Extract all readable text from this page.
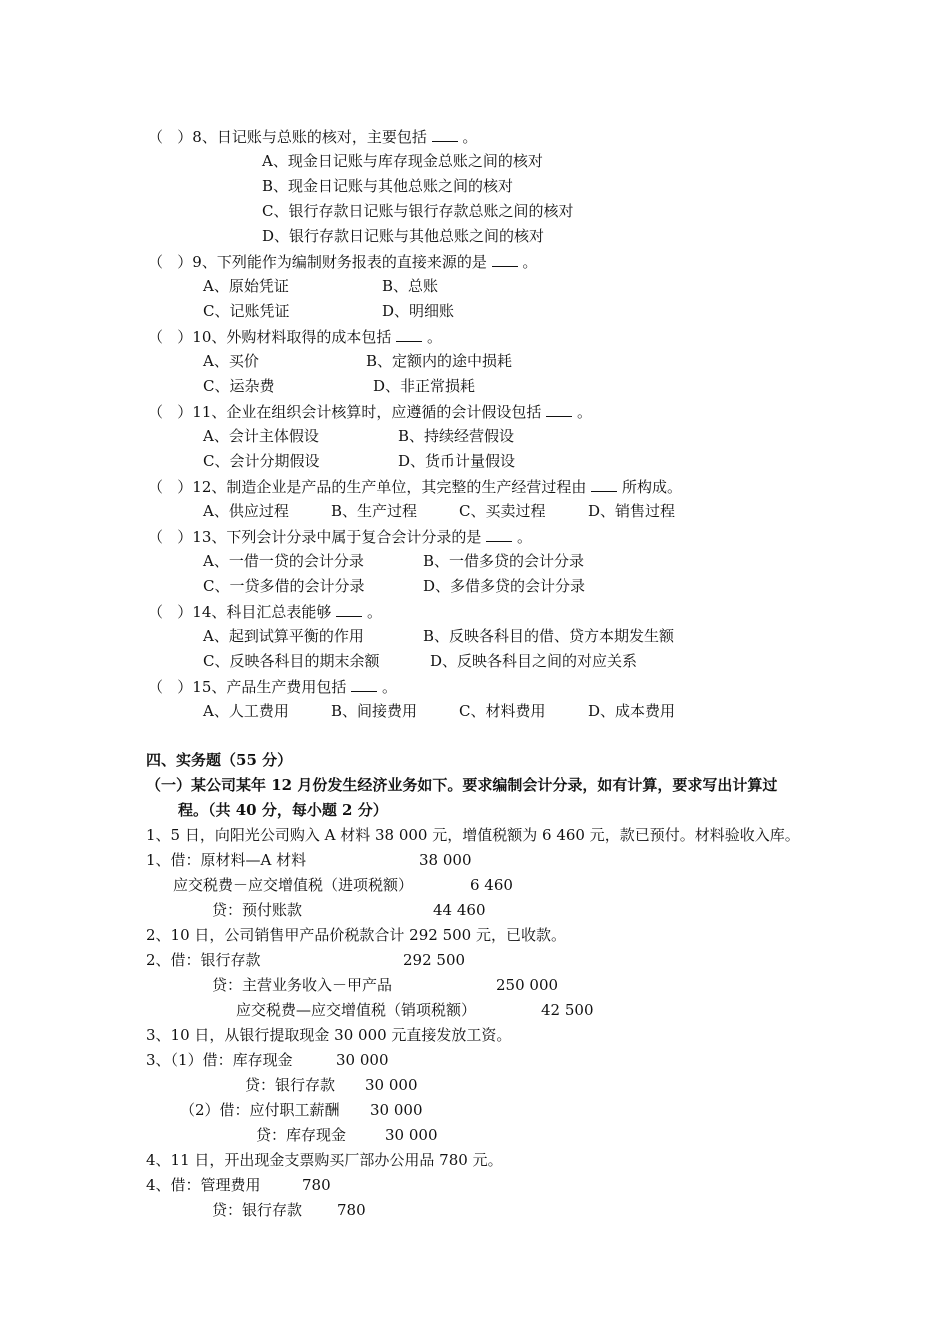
（   ）8、日记账与总账的核对，主要包括 。
A、现金日记账与库存现金总账之间的核对
B、现金日记账与其他总账之间的核对
C、银行存款日记账与银行存款总账之间的核对
D、银行存款日记账与其他总账之间的核对
（   ）9、下列能作为编制财务报表的直接来源的是 。
A、原始凭证	B、总账
C、记账凭证	D、明细账
（   ）10、外购材料取得的成本包括 。
A、买价	B、定额内的途中损耗
C、运杂费	D、非正常损耗
（   ）11、企业在组织会计核算时，应遵循的会计假设包括 。
A、会计主体假设	B、持续经营假设
C、会计分期假设	D、货币计量假设
（   ）12、制造企业是产品的生产单位，其完整的生产经营过程由 所构成。
A、供应过程	B、生产过程	C、买卖过程	D、销售过程
（   ）13、下列会计分录中属于复合会计分录的是 。
A、一借一贷的会计分录	B、一借多贷的会计分录
C、一贷多借的会计分录	D、多借多贷的会计分录
（   ）14、科目汇总表能够 。
A、起到试算平衡的作用	B、反映各科目的借、贷方本期发生额
C、反映各科目的期末余额	D、反映各科目之间的对应关系
（   ）15、产品生产费用包括 。
A、人工费用	B、间接费用	C、材料费用	D、成本费用
四、实务题（55 分）
（一）某公司某年 12 月份发生经济业务如下。要求编制会计分录，如有计算，要求写出计算过
程。（共 40 分，每小题 2 分）
1、5 日，向阳光公司购入 A 材料 38 000 元，增值税额为 6 460 元，款已预付。材料验收入库。
1、借：原材料—A 材料	38 000
应交税费－应交增值税（进项税额）	6 460
贷：预付账款	44 460
2、10 日，公司销售甲产品价税款合计 292 500 元，已收款。
2、借：银行存款	292 500
贷：主营业务收入－甲产品	250 000
应交税费—应交增值税（销项税额）	42 500
3、10 日，从银行提取现金 30 000 元直接发放工资。
3、（1）借：库存现金	30 000
贷：银行存款 30 000
（2）借：应付职工薪酬 30 000
贷：库存现金	30 000
4、11 日，开出现金支票购买厂部办公用品 780 元。
4、借：管理费用	780
贷：银行存款 780
